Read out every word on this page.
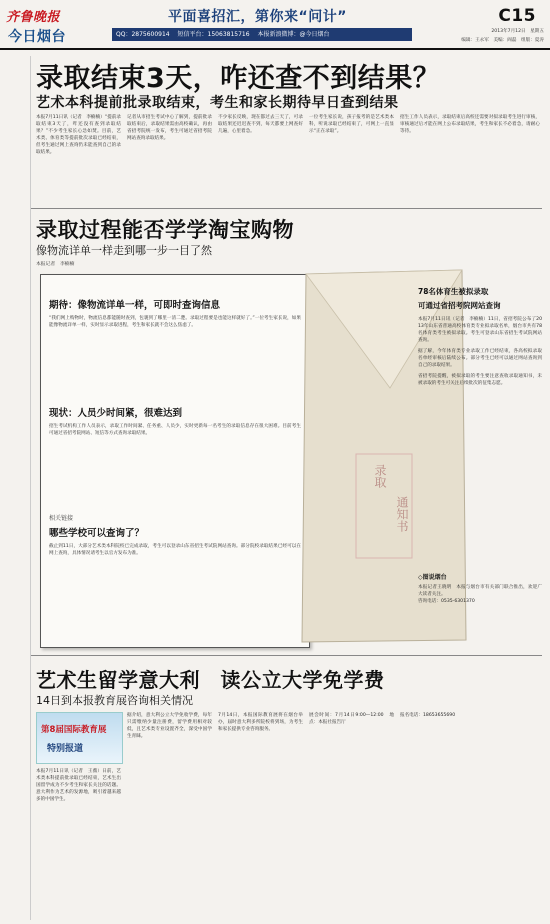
齐鲁晚报
今日烟台
平面喜招汇，第你来“问计”
QQ：2875600914 短信平台：15063815716 本报新浪微博：@今日烟台
C15
2013年7月12日　星期五
编辑：王永军　美编：阎磊　组版：夏涛
录取结束3天，咋还查不到结果？
艺术本科提前批录取结束，考生和家长期待早日查到结果
本报7月11日讯（记者　李楠楠）“提前录取结束3天了，咋还没有查到录取结果？”不少考生家长心急如焚。目前，艺术类、体育类等提前批次录取已经结束，但考生通过网上查询仍未能查到自己的录取结果。
记者从市招生考试中心了解到，提前批录取结束后，录取结果需由高校确认，再由省招考院统一发布，考生可通过省招考院网站查询录取结果。
不少家长反映，现在都过去三天了，可录取结果还迟迟查不到，每天都要上网查好几遍，心里着急。
一位考生家长说，孩子报考的是艺术类本科，听说录取已经结束了，可网上一直显示“正在录取”。
招生工作人员表示，录取结束后高校还需要对拟录取考生进行审核，审核通过后才能在网上公布录取结果，考生和家长不必着急，请耐心等待。
录取过程能否学学淘宝购物
像物流详单一样走到哪一步一目了然
本报记者　李楠楠
期待：像物流详单一样，可即时查询信息
“我们网上购物时，物流信息都能随时查到，包裹到了哪里一清二楚。录取过程要是也能这样就好了。”一位考生家长说，如果能像物流详单一样，实时显示录取进程，考生和家长就不会这么焦虑了。
现状：人员少时间紧，很难达到
招生考试机构工作人员表示，录取工作时间紧、任务重、人员少，实时更新每一名考生的录取信息存在很大困难。目前考生可通过省招考院网站、短信等方式查询录取结果。
相关链接
哪些学校可以查询了？
截止到11日，大部分艺术类本科院校已完成录取，考生可以登录山东省招生考试院网站查询。部分院校录取结果已经可以在网上查询，具体情况请考生以官方发布为准。
录取
通知书
78名体育生被拟录取
可通过省招考院网站查询
本报7月11日讯（记者　李楠楠）11日，省招考院公布了2013年山东省普通高校体育类专业拟录取名单，烟台市共有78名体育类考生被拟录取。考生可登录山东省招生考试院网站查询。
据了解，今年体育类专业录取工作已经结束，各高校拟录取名单经审核后陆续公布。部分考生已经可以通过网站查询到自己的录取结果。
省招考院提醒，被拟录取的考生要注意查收录取通知书，未被录取的考生可关注后续批次的征集志愿。
◇图说烟台
本报记者王晓明　本报与烟台市有关部门联合推出，欢迎广大读者关注。
咨询电话：0535-6301370
艺术生留学意大利　读公立大学免学费
14日到本报教育展咨询相关情况
第8届国际教育展
特别报道
本报7月11日讯（记者　王薇）日前，艺术类本科提前批录取已经结束，艺术生出国留学成为不少考生和家长关注的话题。意大利作为艺术的发源地，吸引着越来越多的中国学生。
据介绍，意大利公立大学免收学费，每年只需缴纳少量注册费，留学费用相对较低，且艺术类专业设置齐全，深受中国学生青睐。
7月14日，本报国际教育展将在烟台举办，届时意大利多所院校将到场，为考生和家长提供专业咨询服务。
展会时间：7月14日9:00—12:00　地点：本报社报告厅
报名电话：18653655690
